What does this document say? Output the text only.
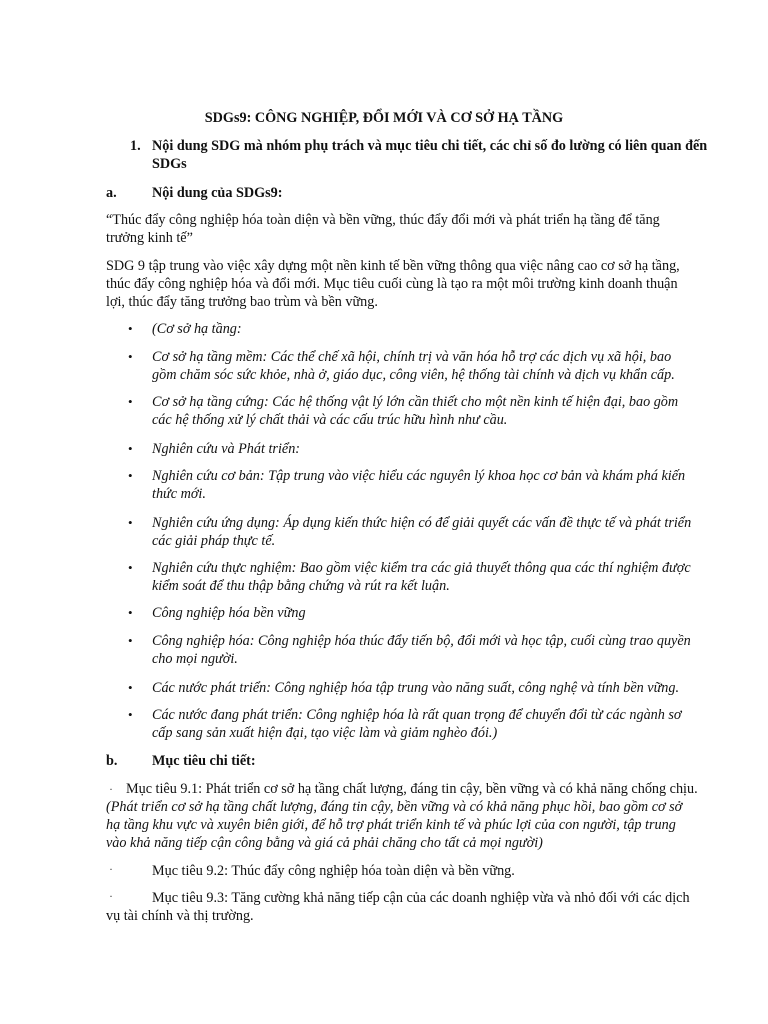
SDGs9: CÔNG NGHIỆP, ĐỔI MỚI VÀ CƠ SỞ HẠ TẦNG
1. Nội dung SDG mà nhóm phụ trách và mục tiêu chi tiết, các chỉ số đo lường có liên quan đến
SDGs
a. Nội dung của SDGs9:
“Thúc đẩy công nghiệp hóa toàn diện và bền vững, thúc đẩy đổi mới và phát triển hạ tầng để tăng trưởng kinh tế”
SDG 9 tập trung vào việc xây dựng một nền kinh tế bền vững thông qua việc nâng cao cơ sở hạ tầng, thúc đẩy công nghiệp hóa và đổi mới. Mục tiêu cuối cùng là tạo ra một môi trường kinh doanh thuận lợi, thúc đẩy tăng trưởng bao trùm và bền vững.
• (Cơ sở hạ tầng:
• Cơ sở hạ tầng mềm: Các thể chế xã hội, chính trị và văn hóa hỗ trợ các dịch vụ xã hội, bao gồm chăm sóc sức khỏe, nhà ở, giáo dục, công viên, hệ thống tài chính và dịch vụ khẩn cấp.
• Cơ sở hạ tầng cứng: Các hệ thống vật lý lớn cần thiết cho một nền kinh tế hiện đại, bao gồm các hệ thống xử lý chất thải và các cấu trúc hữu hình như cầu.
• Nghiên cứu và Phát triển:
• Nghiên cứu cơ bản: Tập trung vào việc hiểu các nguyên lý khoa học cơ bản và khám phá kiến thức mới.
• Nghiên cứu ứng dụng: Áp dụng kiến thức hiện có để giải quyết các vấn đề thực tế và phát triển các giải pháp thực tế.
• Nghiên cứu thực nghiệm: Bao gồm việc kiểm tra các giả thuyết thông qua các thí nghiệm được kiểm soát để thu thập bằng chứng và rút ra kết luận.
• Công nghiệp hóa bền vững
• Công nghiệp hóa: Công nghiệp hóa thúc đẩy tiến bộ, đổi mới và học tập, cuối cùng trao quyền cho mọi người.
• Các nước phát triển: Công nghiệp hóa tập trung vào năng suất, công nghệ và tính bền vững.
• Các nước đang phát triển: Công nghiệp hóa là rất quan trọng để chuyển đổi từ các ngành sơ cấp sang sản xuất hiện đại, tạo việc làm và giảm nghèo đói.)
b. Mục tiêu chi tiết:
· Mục tiêu 9.1: Phát triển cơ sở hạ tầng chất lượng, đáng tin cậy, bền vững và có khả năng chống chịu.
(Phát triển cơ sở hạ tầng chất lượng, đáng tin cậy, bền vững và có khả năng phục hồi, bao gồm cơ sở hạ tầng khu vực và xuyên biên giới, để hỗ trợ phát triển kinh tế và phúc lợi của con người, tập trung vào khả năng tiếp cận công bằng và giá cả phải chăng cho tất cả mọi người)
·	Mục tiêu 9.2: Thúc đẩy công nghiệp hóa toàn diện và bền vững.
·	Mục tiêu 9.3: Tăng cường khả năng tiếp cận của các doanh nghiệp vừa và nhỏ đối với các dịch vụ tài chính và thị trường.
